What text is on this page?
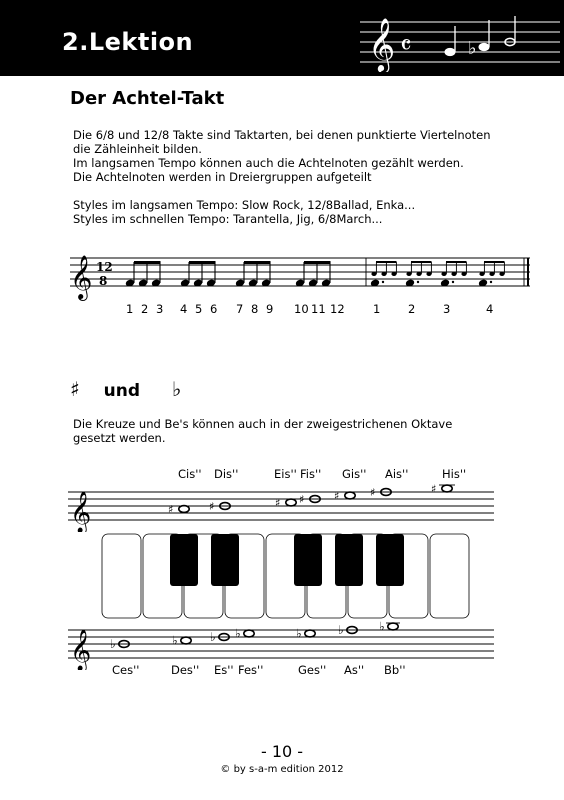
2.Lektion	𝄞 𝄴	♭
Der Achtel-Takt
Die 6/8 und 12/8 Takte sind Taktarten, bei denen punktierte Viertelnoten
die Zähleinheit bilden.
Im langsamen Tempo können auch die Achtelnoten gezählt werden.
Die Achtelnoten werden in Dreiergruppen aufgeteilt
Styles im langsamen Tempo: Slow Rock, 12/8Ballad, Enka...
Styles im schnellen Tempo: Tarantella, Jig, 6/8March...
𝄞 12
8
1 2 3 4 5 6 7 8 9 10 11 12 1 2 3	4
♯ und ♭
Die Kreuze und Be's können auch in der zweigestrichenen Oktave
gesetzt werden.
Cis'' Dis''	Eis'' Fis'' Gis'' Ais''	His''
𝄞	♯	♯	♯ ♯	♯	♯	♯
𝄞 ♭	♭	♭ ♭	♭	♭	♭
Ces''	Des'' Es'' Fes''	Ges'' As'' Bb''
- 10 -
© by s-a-m edition 2012
